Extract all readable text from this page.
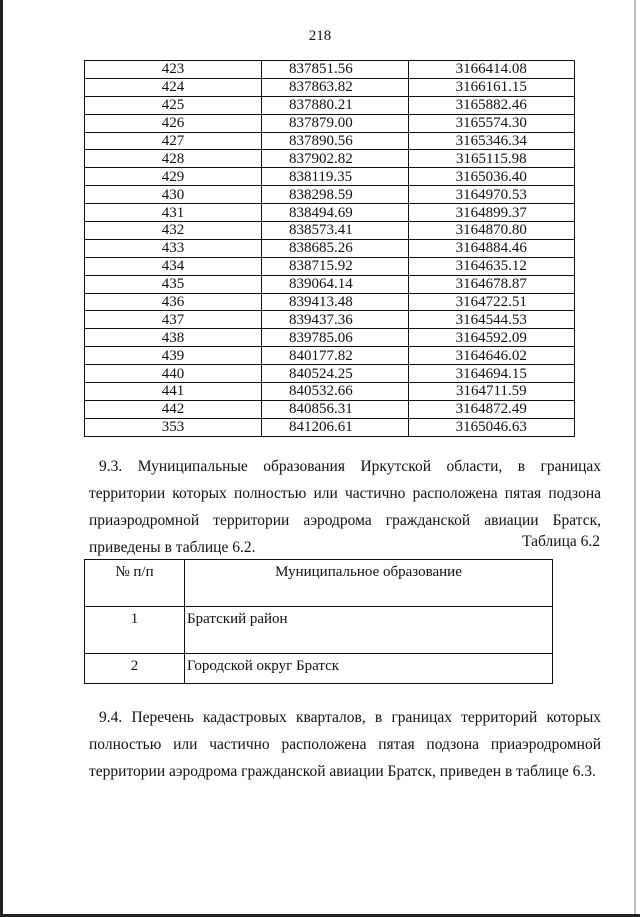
218
423	837851.56	3166414.08
424	837863.82	3166161.15
425	837880.21	3165882.46
426	837879.00	3165574.30
427	837890.56	3165346.34
428	837902.82	3165115.98
429	838119.35	3165036.40
430	838298.59	3164970.53
431	838494.69	3164899.37
432	838573.41	3164870.80
433	838685.26	3164884.46
434	838715.92	3164635.12
435	839064.14	3164678.87
436	839413.48	3164722.51
437	839437.36	3164544.53
438	839785.06	3164592.09
439	840177.82	3164646.02
440	840524.25	3164694.15
441	840532.66	3164711.59
442	840856.31	3164872.49
353	841206.61	3165046.63
9.3. Муниципальные образования Иркутской области, в границах территории которых полностью или частично расположена пятая подзона приаэродромной территории аэродрома гражданской авиации Братск, приведены в таблице 6.2.	Таблица 6.2
№ п/п	Муниципальное образование
1	Братский район
2	Городской округ Братск
9.4. Перечень кадастровых кварталов, в границах территорий которых полностью или частично расположена пятая подзона приаэродромной территории аэродрома гражданской авиации Братск, приведен в таблице 6.3.
